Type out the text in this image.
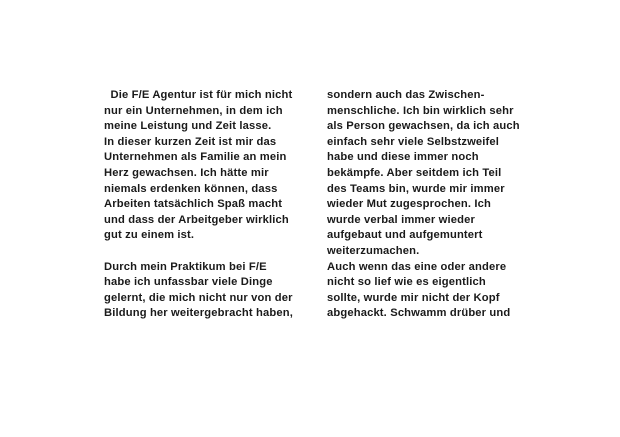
Die F/E Agentur ist für mich nicht
nur ein Unternehmen, in dem ich
meine Leistung und Zeit lasse.
In dieser kurzen Zeit ist mir das
Unternehmen als Familie an mein
Herz gewachsen. Ich hätte mir
niemals erdenken können, dass
Arbeiten tatsächlich Spaß macht
und dass der Arbeitgeber wirklich
gut zu einem ist.
Durch mein Praktikum bei F/E
habe ich unfassbar viele Dinge
gelernt, die mich nicht nur von der
Bildung her weitergebracht haben,
sondern auch das Zwischen-
menschliche. Ich bin wirklich sehr
als Person gewachsen, da ich auch
einfach sehr viele Selbstzweifel
habe und diese immer noch
bekämpfe. Aber seitdem ich Teil
des Teams bin, wurde mir immer
wieder Mut zugesprochen. Ich
wurde verbal immer wieder
aufgebaut und aufgemuntert
weiterzumachen.
Auch wenn das eine oder andere
nicht so lief wie es eigentlich
sollte, wurde mir nicht der Kopf
abgehackt. Schwamm drüber und
